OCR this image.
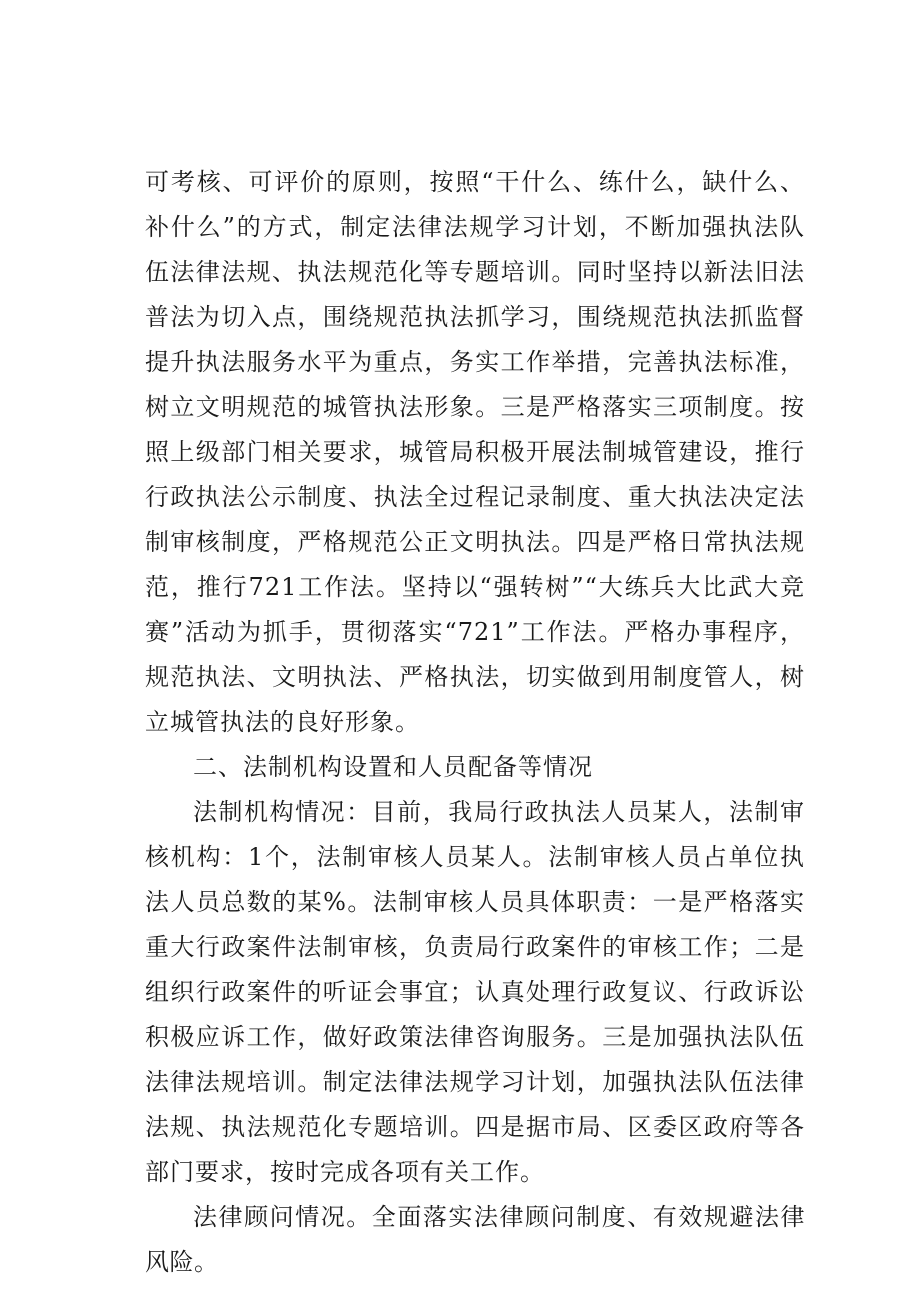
可考核、可评价的原则，按照“干什么、练什么，缺什么、补什么”的方式，制定法律法规学习计划，不断加强执法队伍法律法规、执法规范化等专题培训。同时坚持以新法旧法普法为切入点，围绕规范执法抓学习，围绕规范执法抓监督提升执法服务水平为重点，务实工作举措，完善执法标准，树立文明规范的城管执法形象。三是严格落实三项制度。按照上级部门相关要求，城管局积极开展法制城管建设，推行行政执法公示制度、执法全过程记录制度、重大执法决定法制审核制度，严格规范公正文明执法。四是严格日常执法规范，推行721工作法。坚持以“强转树”“大练兵大比武大竞赛”活动为抓手，贯彻落实“721”工作法。严格办事程序，规范执法、文明执法、严格执法，切实做到用制度管人，树立城管执法的良好形象。

二、法制机构设置和人员配备等情况

法制机构情况：目前，我局行政执法人员某人，法制审核机构：1个，法制审核人员某人。法制审核人员占单位执法人员总数的某%。法制审核人员具体职责：一是严格落实重大行政案件法制审核，负责局行政案件的审核工作；二是组织行政案件的听证会事宜；认真处理行政复议、行政诉讼积极应诉工作，做好政策法律咨询服务。三是加强执法队伍法律法规培训。制定法律法规学习计划，加强执法队伍法律法规、执法规范化专题培训。四是据市局、区委区政府等各部门要求，按时完成各项有关工作。

法律顾问情况。全面落实法律顾问制度、有效规避法律风险。
